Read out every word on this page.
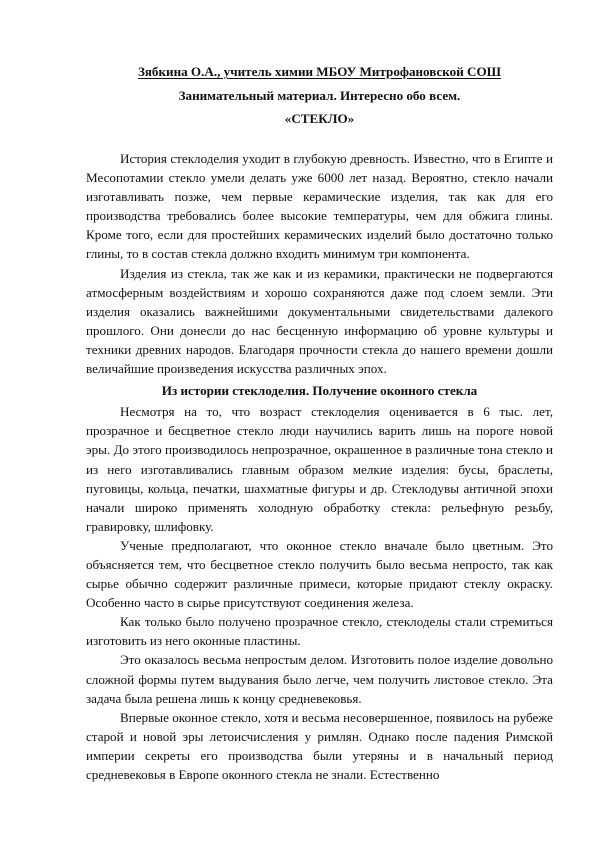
Зябкина О.А., учитель химии МБОУ Митрофановской СОШ

Занимательный материал. Интересно обо всем.

«СТЕКЛО»

История стеклоделия уходит в глубокую древность. Известно, что в Египте и Месопотамии стекло умели делать уже 6000 лет назад. Вероятно, стекло начали изготавливать позже, чем первые керамические изделия, так как для его производства требовались более высокие температуры, чем для обжига глины. Кроме того, если для простейших керамических изделий было достаточно только глины, то в состав стекла должно входить минимум три компонента.

Изделия из стекла, так же как и из керамики, практически не подвергаются атмосферным воздействиям и хорошо сохраняются даже под слоем земли. Эти изделия оказались важнейшими документальными свидетельствами далекого прошлого. Они донесли до нас бесценную информацию об уровне культуры и техники древних народов. Благодаря прочности стекла до нашего времени дошли величайшие произведения искусства различных эпох.

Из истории стеклоделия. Получение оконного стекла

Несмотря на то, что возраст стеклоделия оценивается в 6 тыс. лет, прозрачное и бесцветное стекло люди научились варить лишь на пороге новой эры. До этого производилось непрозрачное, окрашенное в различные тона стекло и из него изготавливались главным образом мелкие изделия: бусы, браслеты, пуговицы, кольца, печатки, шахматные фигуры и др. Стеклодувы античной эпохи начали широко применять холодную обработку стекла: рельефную резьбу, гравировку, шлифовку.

Ученые предполагают, что оконное стекло вначале было цветным. Это объясняется тем, что бесцветное стекло получить было весьма непросто, так как сырье обычно содержит различные примеси, которые придают стеклу окраску. Особенно часто в сырье присутствуют соединения железа.

Как только было получено прозрачное стекло, стеклоделы стали стремиться изготовить из него оконные пластины.

Это оказалось весьма непростым делом. Изготовить полое изделие довольно сложной формы путем выдувания было легче, чем получить листовое стекло. Эта задача была решена лишь к концу средневековья.

Впервые оконное стекло, хотя и весьма несовершенное, появилось на рубеже старой и новой эры летоисчисления у римлян. Однако после падения Римской империи секреты его производства были утеряны и в начальный период средневековья в Европе оконного стекла не знали. Естественно
